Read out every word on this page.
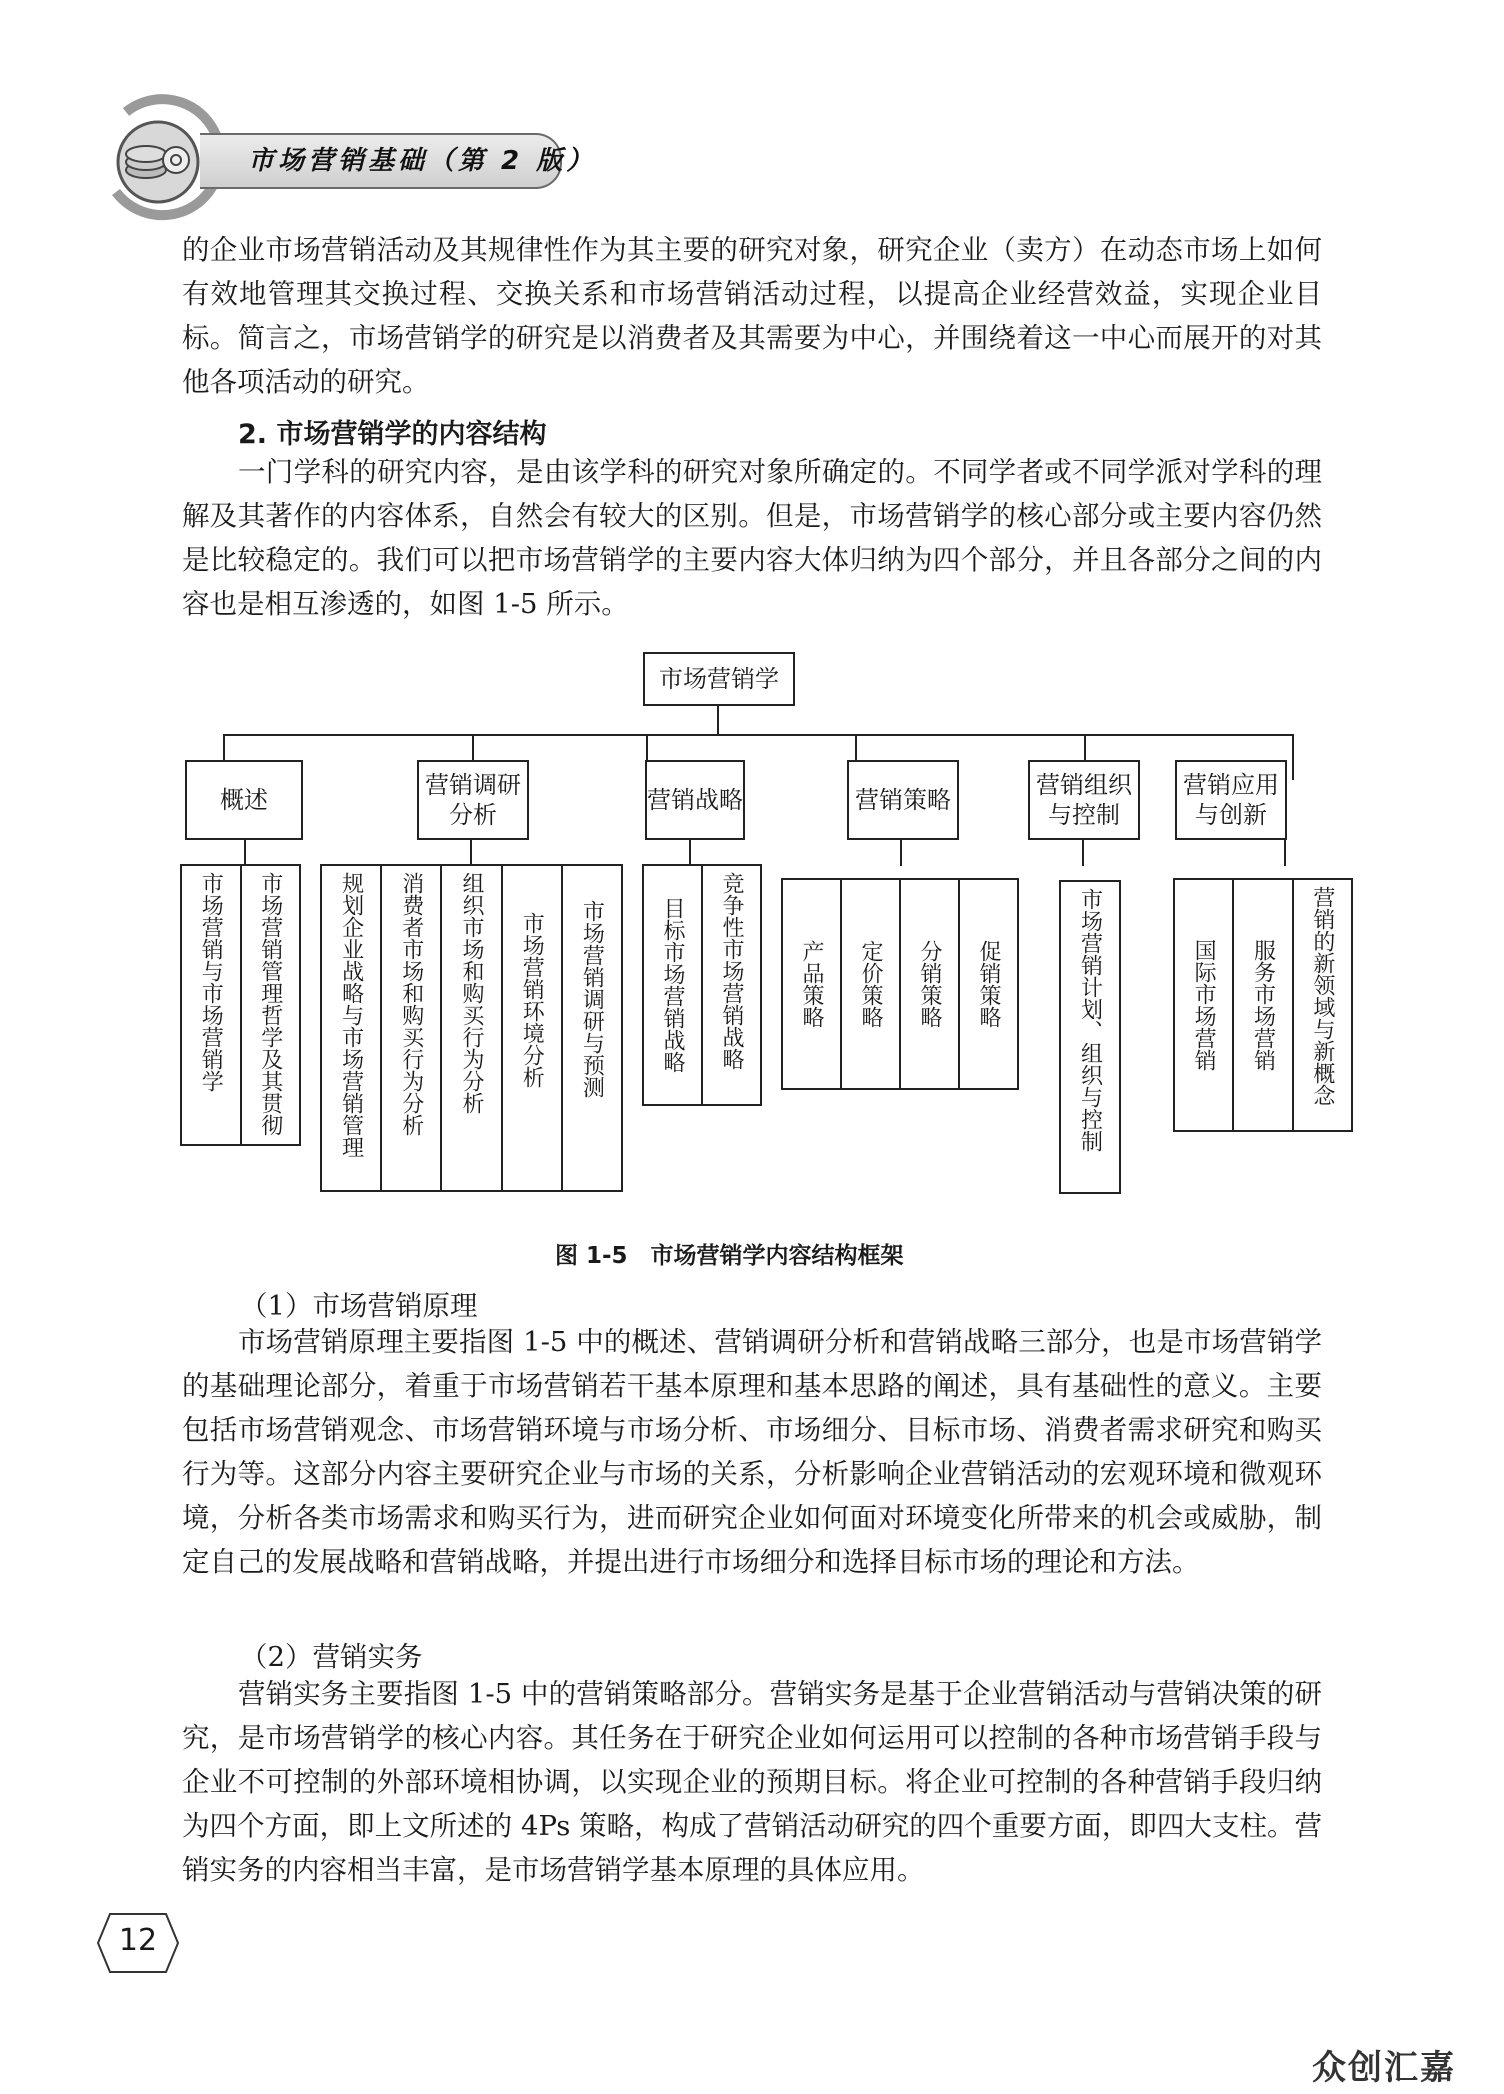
市场营销基础（第 2 版）

的企业市场营销活动及其规律性作为其主要的研究对象，研究企业（卖方）在动态市场上如何有效地管理其交换过程、交换关系和市场营销活动过程，以提高企业经营效益，实现企业目标。简言之，市场营销学的研究是以消费者及其需要为中心，并围绕着这一中心而展开的对其他各项活动的研究。

2. 市场营销学的内容结构

一门学科的研究内容，是由该学科的研究对象所确定的。不同学者或不同学派对学科的理解及其著作的内容体系，自然会有较大的区别。但是，市场营销学的核心部分或主要内容仍然是比较稳定的。我们可以把市场营销学的主要内容大体归纳为四个部分，并且各部分之间的内容也是相互渗透的，如图 1-5 所示。

市场营销学
概述
营销调研
分析
营销战略	营销策略
营销组织
与控制
营销应用
与创新
市场营销与市场营销学 市场营销管理哲学及其贯彻	规划企业战略与市场营销管理 消费者市场和购买行为分析 组织市场和购买行为分析 市场营销环境分析 市场营销调研与预测	目标市场营销战略 竞争性市场营销战略	产品策略 定价策略 分销策略 促销策略	市场营销计划、组织与控制	国际市场营销 服务市场营销 营销的新领域与新概念

图 1-5　市场营销学内容结构框架

（1）市场营销原理

市场营销原理主要指图 1-5 中的概述、营销调研分析和营销战略三部分，也是市场营销学的基础理论部分，着重于市场营销若干基本原理和基本思路的阐述，具有基础性的意义。主要包括市场营销观念、市场营销环境与市场分析、市场细分、目标市场、消费者需求研究和购买行为等。这部分内容主要研究企业与市场的关系，分析影响企业营销活动的宏观环境和微观环境，分析各类市场需求和购买行为，进而研究企业如何面对环境变化所带来的机会或威胁，制定自己的发展战略和营销战略，并提出进行市场细分和选择目标市场的理论和方法。

（2）营销实务

营销实务主要指图 1-5 中的营销策略部分。营销实务是基于企业营销活动与营销决策的研究，是市场营销学的核心内容。其任务在于研究企业如何运用可以控制的各种市场营销手段与企业不可控制的外部环境相协调，以实现企业的预期目标。将企业可控制的各种营销手段归纳为四个方面，即上文所述的 4Ps 策略，构成了营销活动研究的四个重要方面，即四大支柱。营销实务的内容相当丰富，是市场营销学基本原理的具体应用。

12
众创汇嘉
